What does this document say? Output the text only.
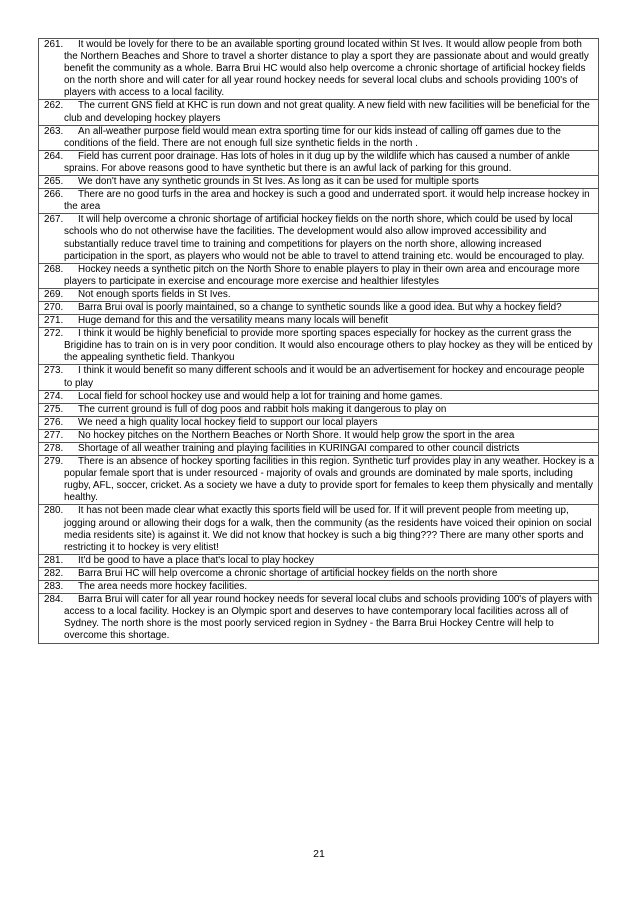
261. It would be lovely for there to be an available sporting ground located within St Ives. It would allow people from both the Northern Beaches and Shore to travel a shorter distance to play a sport they are passionate about and would greatly benefit the community as a whole. Barra Brui HC would also help overcome a chronic shortage of artificial hockey fields on the north shore and will cater for all year round hockey needs for several local clubs and schools providing 100's of players with access to a local facility.

262. The current GNS field at KHC is run down and not great quality. A new field with new facilities will be beneficial for the club and developing hockey players

263. An all-weather purpose field would mean extra sporting time for our kids instead of calling off games due to the conditions of the field. There are not enough full size synthetic fields in the north .

264. Field has current poor drainage. Has lots of holes in it dug up by the wildlife which has caused a number of ankle sprains. For above reasons good to have synthetic but there is an awful lack of parking for this ground.

265. We don't have any synthetic grounds in St Ives. As long as it can be used for multiple sports

266. There are no good turfs in the area and hockey is such a good and underrated sport. it would help increase hockey in the area

267. It will help overcome a chronic shortage of artificial hockey fields on the north shore, which could be used by local schools who do not otherwise have the facilities. The development would also allow improved accessibility and substantially reduce travel time to training and competitions for players on the north shore, allowing increased participation in the sport, as players who would not be able to travel to attend training etc. would be encouraged to play.

268. Hockey needs a synthetic pitch on the North Shore to enable players to play in their own area and encourage more players to participate in exercise and encourage more exercise and healthier lifestyles

269. Not enough sports fields in St Ives.

270. Barra Brui oval is poorly maintained, so a change to synthetic sounds like a good idea. But why a hockey field?

271. Huge demand for this and the versatility means many locals will benefit

272. I think it would be highly beneficial to provide more sporting spaces especially for hockey as the current grass the Brigidine has to train on is in very poor condition. It would also encourage others to play hockey as they will be enticed by the appealing synthetic field. Thankyou

273. I think it would benefit so many different schools and it would be an advertisement for hockey and encourage people to play

274. Local field for school hockey use and would help a lot for training and home games.

275. The current ground is full of dog poos and rabbit hols making it dangerous to play on

276. We need a high quality local hockey field to support our local players

277. No hockey pitches on the Northern Beaches or North Shore. It would help grow the sport in the area

278. Shortage of all weather training and playing facilities in KURINGAI compared to other council districts

279. There is an absence of hockey sporting facilities in this region. Synthetic turf provides play in any weather. Hockey is a popular female sport that is under resourced - majority of ovals and grounds are dominated by male sports, including rugby, AFL, soccer, cricket. As a society we have a duty to provide sport for females to keep them physically and mentally healthy.

280. It has not been made clear what exactly this sports field will be used for. If it will prevent people from meeting up, jogging around or allowing their dogs for a walk, then the community (as the residents have voiced their opinion on social media residents site) is against it. We did not know that hockey is such a big thing??? There are many other sports and restricting it to hockey is very elitist!

281. It'd be good to have a place that's local to play hockey

282. Barra Brui HC will help overcome a chronic shortage of artificial hockey fields on the north shore

283. The area needs more hockey facilities.

284. Barra Brui will cater for all year round hockey needs for several local clubs and schools providing 100's of players with access to a local facility. Hockey is an Olympic sport and deserves to have contemporary local facilities across all of Sydney. The north shore is the most poorly serviced region in Sydney - the Barra Brui Hockey Centre will help to overcome this shortage.
21
